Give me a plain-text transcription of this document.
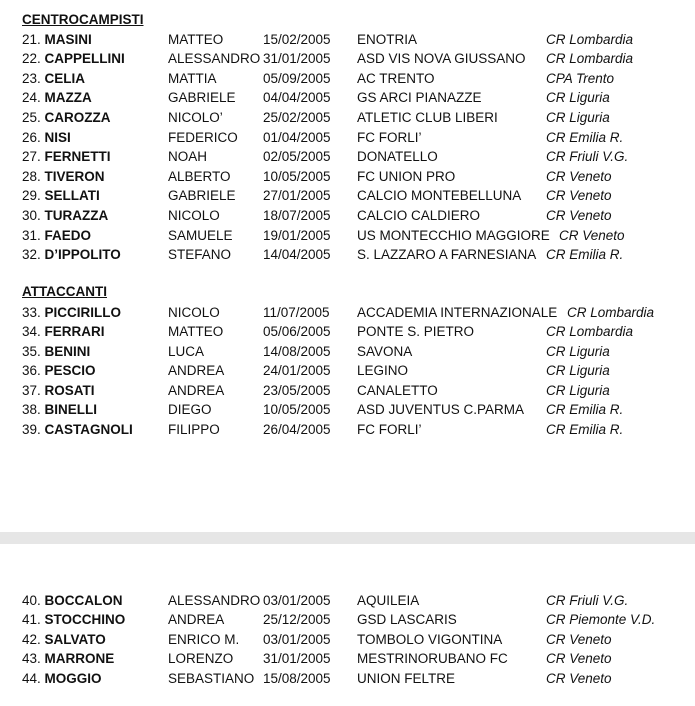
CENTROCAMPISTI
21. MASINI	MATTEO	15/02/2005 ENOTRIA	CR Lombardia
22. CAPPELLINI	ALESSANDRO 31/01/2005 ASD VIS NOVA GIUSSANO CR Lombardia
23. CELIA	MATTIA	05/09/2005 AC TRENTO	CPA Trento
24. MAZZA	GABRIELE 04/04/2005 GS ARCI PIANAZZE	CR Liguria
25. CAROZZA	NICOLO’	25/02/2005 ATLETIC CLUB LIBERI	CR Liguria
26. NISI	FEDERICO 01/04/2005 FC FORLI’	CR Emilia R.
27. FERNETTI	NOAH	02/05/2005 DONATELLO	CR Friuli V.G.
28. TIVERON	ALBERTO 10/05/2005 FC UNION PRO	CR Veneto
29. SELLATI	GABRIELE 27/01/2005 CALCIO MONTEBELLUNA CR Veneto
30. TURAZZA	NICOLO	18/07/2005 CALCIO CALDIERO	CR Veneto
31. FAEDO	SAMUELE 19/01/2005 US MONTECCHIO MAGGIORE CR Veneto
32. D’IPPOLITO	STEFANO 14/04/2005 S. LAZZARO A FARNESIANA CR Emilia R.
ATTACCANTI
33. PICCIRILLO	NICOLO	11/07/2005 ACCADEMIA INTERNAZIONALE CR Lombardia
34. FERRARI	MATTEO	05/06/2005 PONTE S. PIETRO	CR Lombardia
35. BENINI	LUCA	14/08/2005 SAVONA	CR Liguria
36. PESCIO	ANDREA	24/01/2005 LEGINO	CR Liguria
37. ROSATI	ANDREA	23/05/2005 CANALETTO	CR Liguria
38. BINELLI	DIEGO	10/05/2005 ASD JUVENTUS C.PARMA CR Emilia R.
39. CASTAGNOLI	FILIPPO	26/04/2005 FC FORLI’	CR Emilia R.
40. BOCCALON	ALESSANDRO 03/01/2005 AQUILEIA	CR Friuli V.G.
41. STOCCHINO	ANDREA	25/12/2005 GSD LASCARIS	CR Piemonte V.D.
42. SALVATO	ENRICO M. 03/01/2005 TOMBOLO VIGONTINA	CR Veneto
43. MARRONE	LORENZO 31/01/2005 MESTRINORUBANO FC	CR Veneto
44. MOGGIO	SEBASTIANO 15/08/2005 UNION FELTRE	CR Veneto
